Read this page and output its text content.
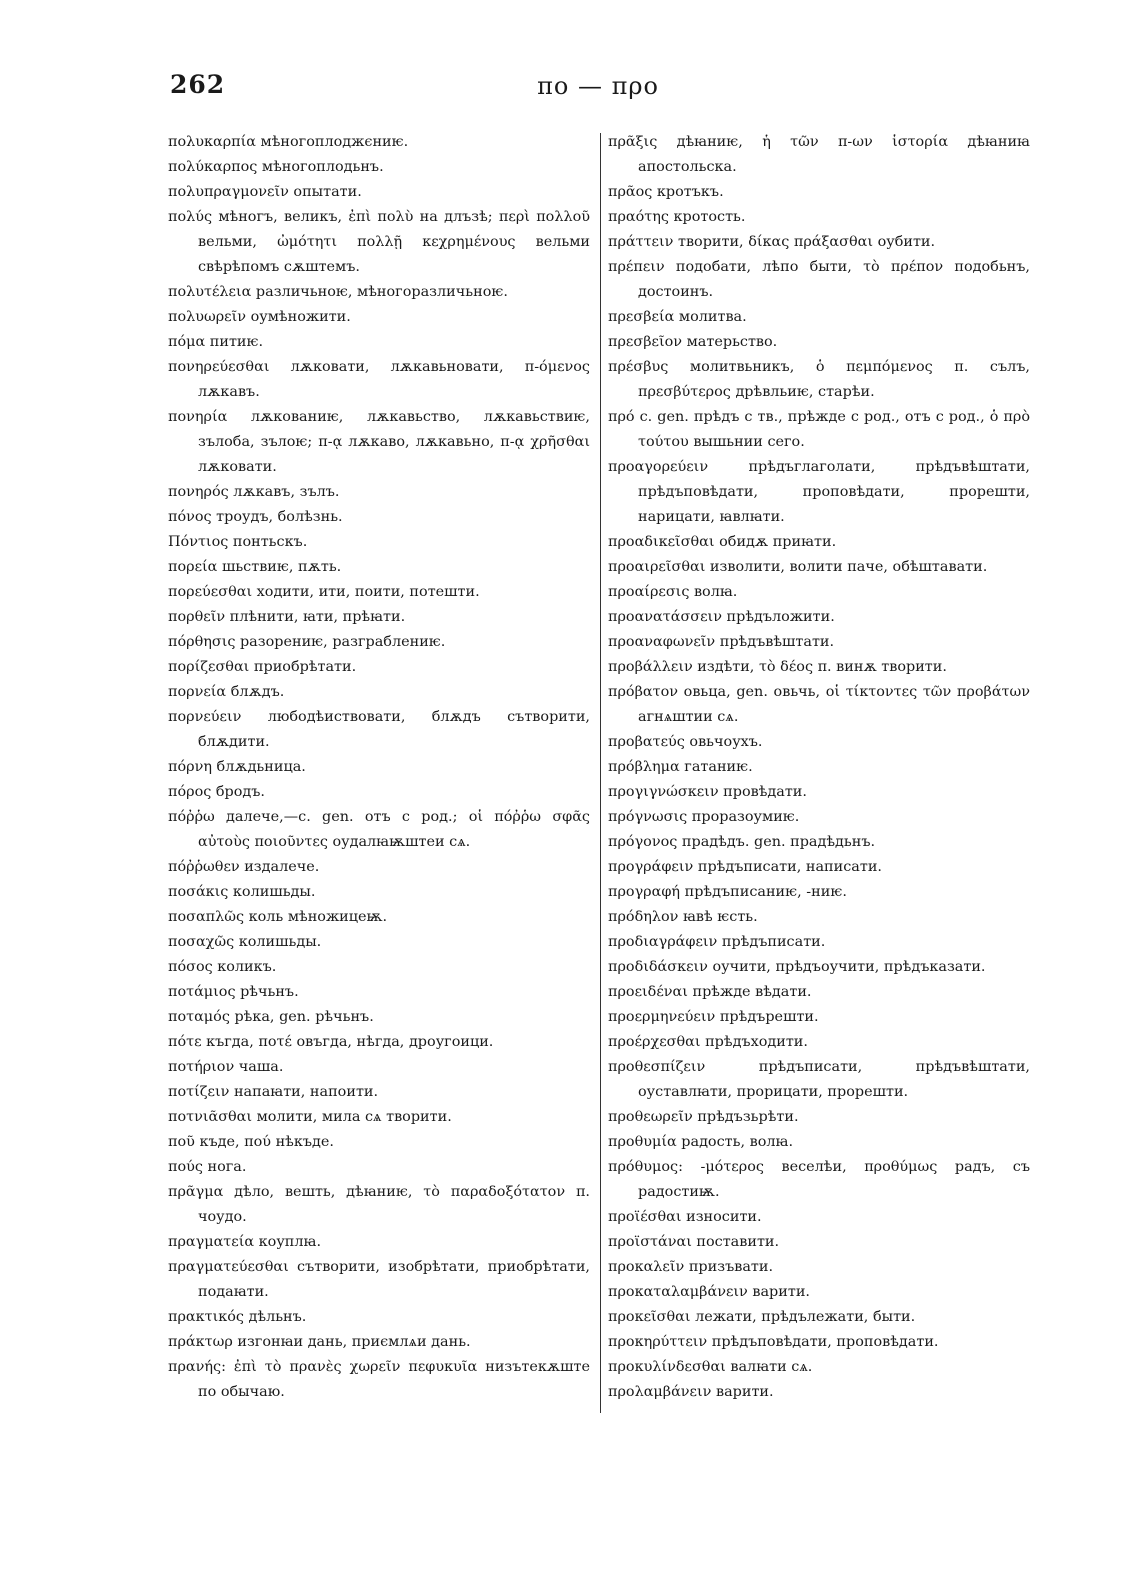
262	πο — προ

πολυκαρπία мѣногоплоджєниѥ.

πολύκαρπος мѣногоплодьнъ.

πολυπραγμονεῖν опытати.

πολύς мѣногъ, великъ, ἐπὶ πολὺ на длъзѣ; περὶ πολλοῦ вельми, ὠμότητι πολλῇ κεχρημένους вельми свѣрѣпомъ сѫштемъ.

πολυτέλεια различьноѥ, мѣногоразличьноѥ.

πολυωρεῖν оумѣножити.

πόμα питиѥ.

πονηρεύεσθαι лѫковати, лѫкавьновати, π-όμενος лѫкавъ.

πονηρία лѫкованиѥ, лѫкавьство, лѫкавьствиѥ, зълоба, зълоѥ; π-ᾳ лѫкаво, лѫкавьно, π-ᾳ χρῆσθαι лѫковати.

πονηρός лѫкавъ, зълъ.

πόνος троудъ, болѣзнь.

Πόντιος понтьскъ.

πορεία шьствиѥ, пѫть.

πορεύεσθαι ходити, ити, поити, потешти.

πορθεῖν плѣнити, ꙗти, прѣꙗти.

πόρθησις разорениѥ, разграблениѥ.

πορίζεσθαι приобрѣтати.

πορνεία блѫдъ.

πορνεύειν любодѣиствовати, блѫдъ сътворити, блѫдити.

πόρνη блѫдьница.

πόρος бродъ.

πόῤῥω далече,—c. gen. отъ с род.; οἱ πόῤῥω σφᾶς αὐτοὺς ποιοῦντες оудалꙗѭштеи сѧ.

πόῤῥωθεν издалече.

ποσάκις колишьды.

ποσαπλῶς коль мѣножицеѭ.

ποσαχῶς колишьды.

πόσος коликъ.

ποτάμιος рѣчьнъ.

ποταμός рѣка, gen. рѣчьнъ.

πότε къгда, ποτέ овъгда, нѣгда, дроугоици.

ποτήριον чаша.

ποτίζειν напаꙗти, напоити.

ποτνιᾶσθαι молити, мила сѧ творити.

ποῦ къде, πού нѣкъде.

πούς нога.

πρᾶγμα дѣло, вешть, дѣꙗниѥ, τὸ παραδοξότατον π. чоудо.

πραγματεία коуплꙗ.

πραγματεύεσθαι сътворити, изобрѣтати, приобрѣтати, подаꙗти.

πρακτικός дѣльнъ.

πράκτωρ изгонꙗи дань, приємлѧи дань.

πρανής: ἐπὶ τὸ πρανὲς χωρεῖν πεφυκυῖα низътекѫште по обычаю.

πρᾶξις дѣꙗниѥ, ἡ τῶν π-ων ἱστορία дѣꙗниꙗ апостольска.

πρᾶος кротъкъ.

πραότης кротость.

πράττειν творити, δίκας πράξασθαι оубити.

πρέπειν подобати, лѣпо быти, τὸ πρέπον подобьнъ, достоинъ.

πρεσβεία молитва.

πρεσβεῖον матерьство.

πρέσβυς молитвьникъ, ὁ πεμπόμενος π. сълъ, πρεσβύτερος дрѣвльиѥ, старѣи.

πρό c. gen. прѣдъ с тв., прѣжде с род., отъ с род., ὁ πρὸ τούτου вышьнии сего.

προαγορεύειν прѣдъглаголати, прѣдъвѣштати, прѣдъповѣдати, проповѣдати, прорешти, нарицати, ꙗвлꙗти.

προαδικεῖσθαι обидѫ приꙗти.

προαιρεῖσθαι изволити, волити паче, обѣштавати.

προαίρεσις волꙗ.

προανατάσσειν прѣдъложити.

προαναφωνεῖν прѣдъвѣштати.

προβάλλειν издѣти, τὸ δέος π. винѫ творити.

πρόβατον овьца, gen. овьчь, οἱ τίκτοντες τῶν προβάτων агнѧштии сѧ.

προβατεύς овьчоухъ.

πρόβλημα гатаниѥ.

προγιγνώσκειν провѣдати.

πρόγνωσις проразоумиѥ.

πρόγονος прадѣдъ. gen. прадѣдьнъ.

προγράφειν прѣдъписати, написати.

προγραφή прѣдъписаниѥ, -ниѥ.

πρόδηλον ꙗвѣ ѥсть.

προδιαγράφειν прѣдъписати.

προδιδάσκειν оучити, прѣдъоучити, прѣдъказати.

προειδέναι прѣжде вѣдати.

προερμηνεύειν прѣдърешти.

προέρχεσθαι прѣдъходити.

προθεσπίζειν прѣдъписати, прѣдъвѣштати, оуставлꙗти, прорицати, прорешти.

προθεωρεῖν прѣдъзьрѣти.

προθυμία радость, волꙗ.

πρόθυμος: -μότερος веселѣи, προθύμως радъ, съ радостиѭ.

προϊέσθαι износити.

προϊστάναι поставити.

προκαλεῖν призъвати.

προκαταλαμβάνειν варити.

προκεῖσθαι лежати, прѣдълежати, быти.

προκηρύττειν прѣдъповѣдати, проповѣдати.

προκυλίνδεσθαι валꙗти сѧ.

προλαμβάνειν варити.
